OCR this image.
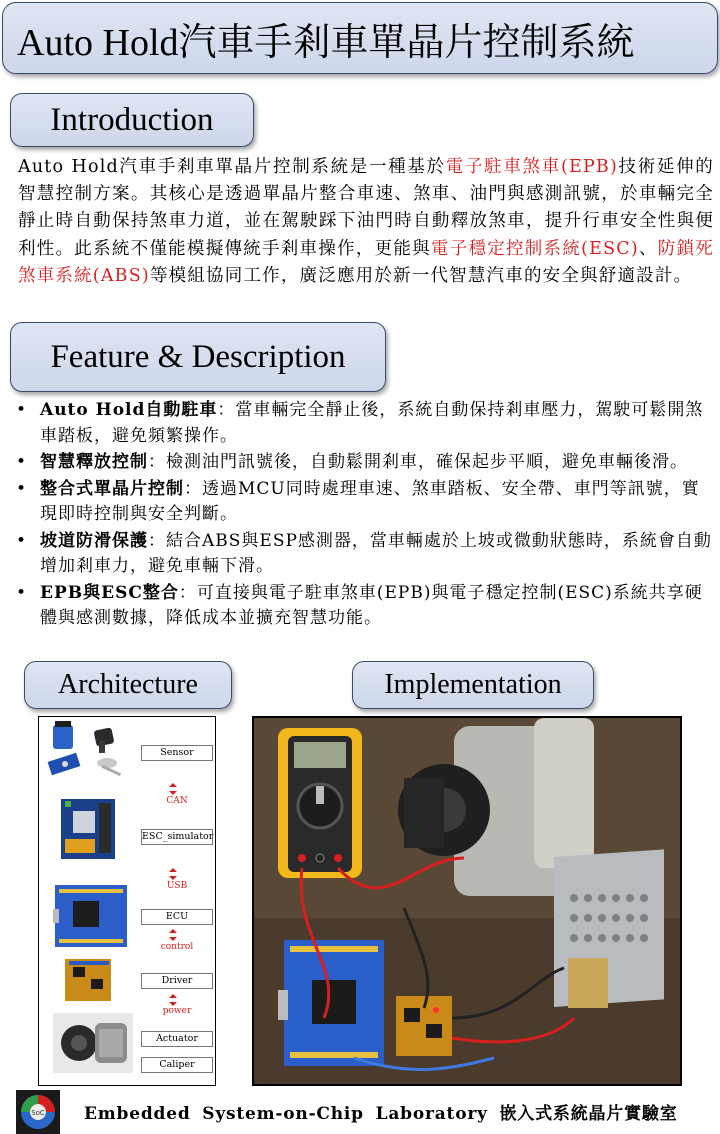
Auto Hold汽車手剎車單晶片控制系統
Introduction
Auto Hold汽車手剎車單晶片控制系統是一種基於電子駐車煞車(EPB)技術延伸的智慧控制方案。其核心是透過單晶片整合車速、煞車、油門與感測訊號，於車輛完全靜止時自動保持煞車力道，並在駕駛踩下油門時自動釋放煞車，提升行車安全性與便利性。此系統不僅能模擬傳統手剎車操作，更能與電子穩定控制系統(ESC)、防鎖死煞車系統(ABS)等模組協同工作，廣泛應用於新一代智慧汽車的安全與舒適設計。
Feature & Description
• Auto Hold自動駐車：當車輛完全靜止後，系統自動保持剎車壓力，駕駛可鬆開煞車踏板，避免頻繁操作。
• 智慧釋放控制：檢測油門訊號後，自動鬆開剎車，確保起步平順，避免車輛後滑。
• 整合式單晶片控制：透過MCU同時處理車速、煞車踏板、安全帶、車門等訊號，實現即時控制與安全判斷。
• 坡道防滑保護：結合ABS與ESP感測器，當車輛處於上坡或微動狀態時，系統會自動增加剎車力，避免車輛下滑。
• EPB與ESC整合：可直接與電子駐車煞車(EPB)與電子穩定控制(ESC)系統共享硬體與感測數據，降低成本並擴充智慧功能。
Architecture	Implementation
Sensor
CAN
ESC_simulator
USB
ECU
control
Driver
power
Actuator
Caliper
SoC Embedded System-on-Chip Laboratory 嵌入式系統晶片實驗室
